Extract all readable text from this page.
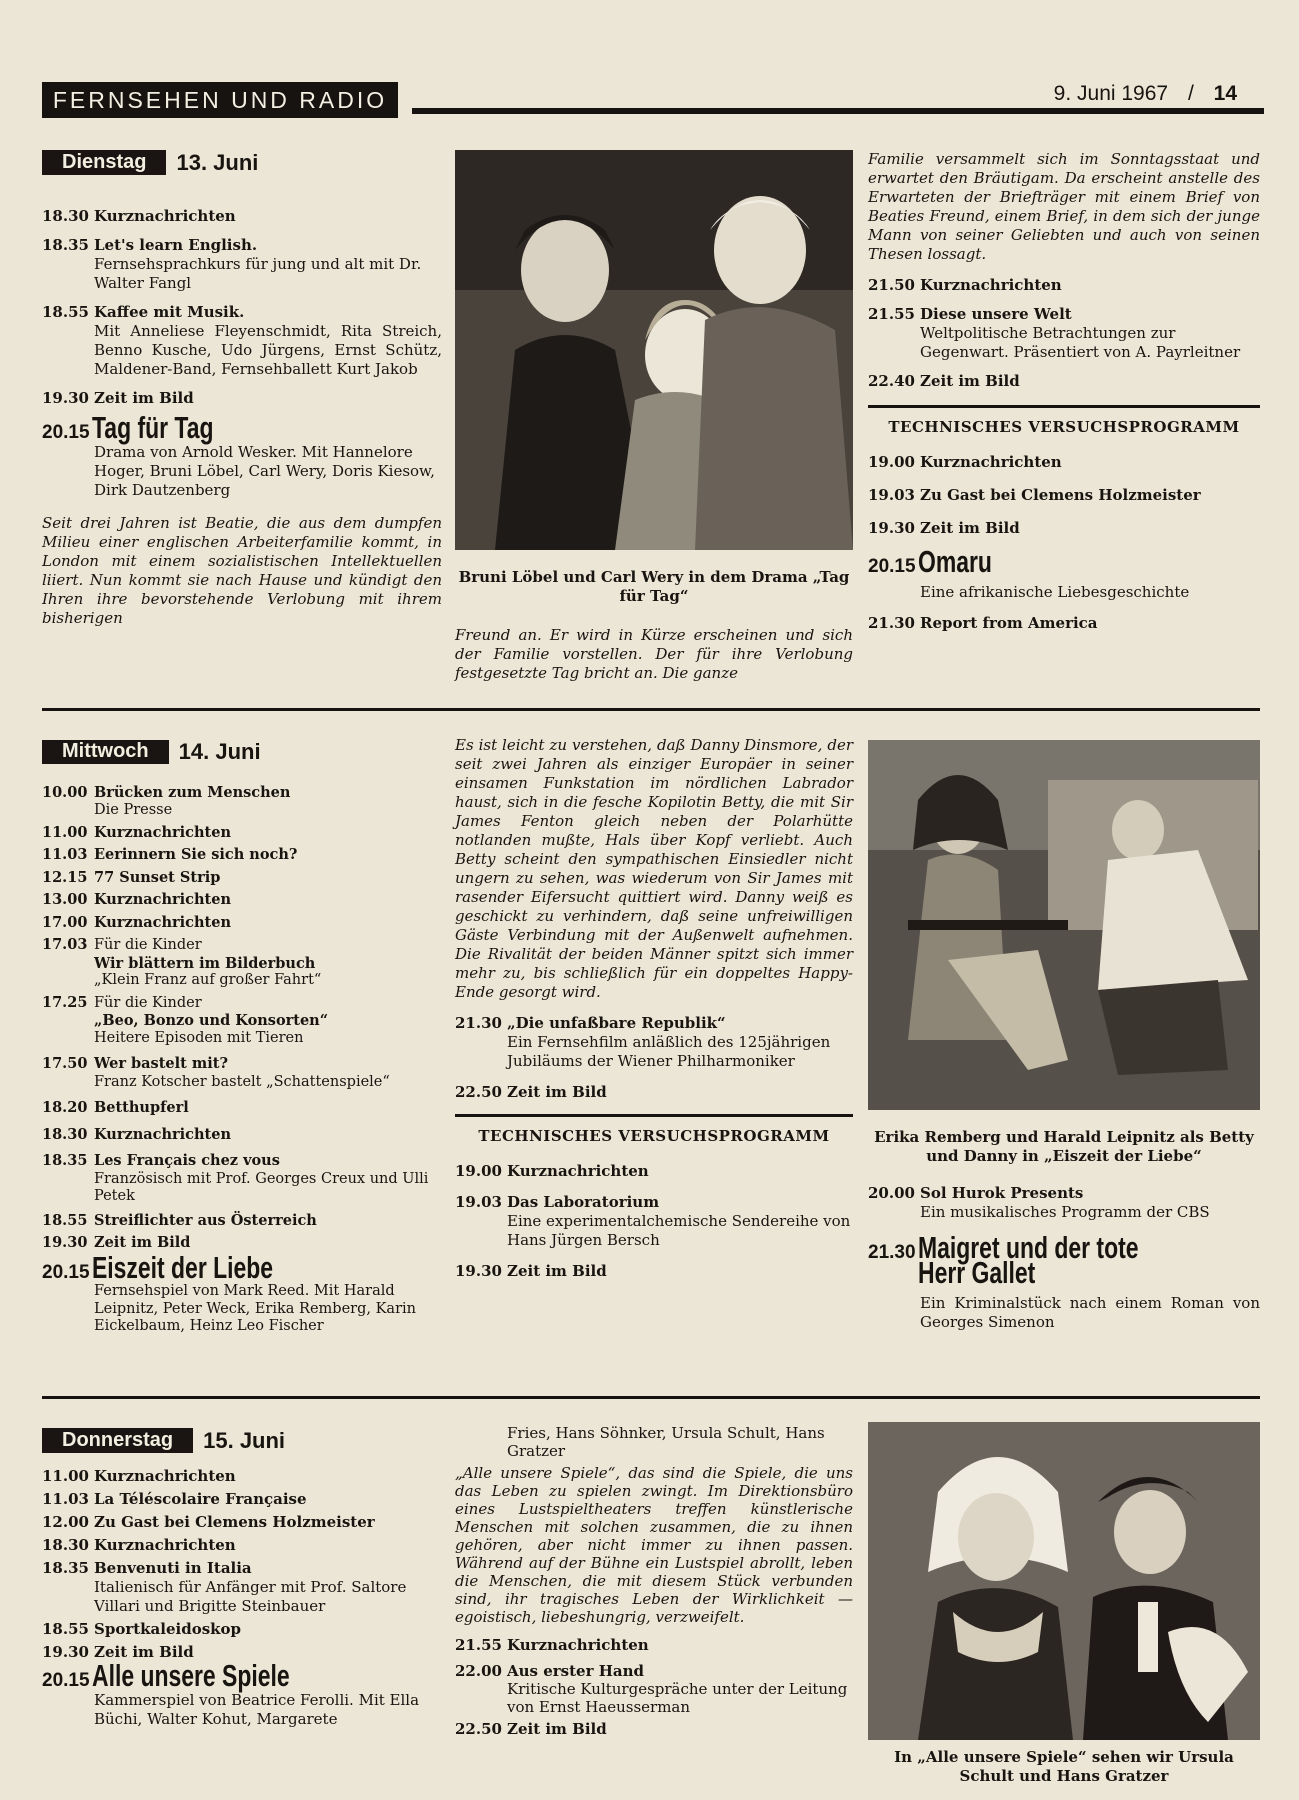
FERNSEHEN UND RADIO	9. Juni 1967 / 14
Dienstag	13. Juni
18.30 Kurznachrichten
18.35 Let's learn English.
Fernsehsprachkurs für jung und alt mit Dr. Walter Fangl
18.55 Kaffee mit Musik.
Mit Anneliese Fleyenschmidt, Rita Streich, Benno Kusche, Udo Jürgens, Ernst Schütz, Maldener-Band, Fernsehballett Kurt Jakob
19.30 Zeit im Bild
20.15Tag für Tag
Drama von Arnold Wesker. Mit Hannelore Hoger, Bruni Löbel, Carl Wery, Doris Kiesow, Dirk Dautzenberg
Seit drei Jahren ist Beatie, die aus dem dumpfen Milieu einer englischen Arbeiterfamilie kommt, in London mit einem sozialistischen Intellektuellen liiert. Nun kommt sie nach Hause und kündigt den Ihren ihre bevorstehende Verlobung mit ihrem bisherigen
Bruni Löbel und Carl Wery in dem Drama „Tag für Tag“
Freund an. Er wird in Kürze erscheinen und sich der Familie vorstellen. Der für ihre Verlobung festgesetzte Tag bricht an. Die ganze
Familie versammelt sich im Sonntagsstaat und erwartet den Bräutigam. Da erscheint anstelle des Erwarteten der Briefträger mit einem Brief von Beaties Freund, einem Brief, in dem sich der junge Mann von seiner Geliebten und auch von seinen Thesen lossagt.
21.50 Kurznachrichten
21.55 Diese unsere Welt
Weltpolitische Betrachtungen zur Gegenwart. Präsentiert von A. Payrleitner
22.40 Zeit im Bild
TECHNISCHES VERSUCHSPROGRAMM
19.00 Kurznachrichten
19.03 Zu Gast bei Clemens Holzmeister
19.30 Zeit im Bild
20.15Omaru
Eine afrikanische Liebesgeschichte
21.30 Report from America
Mittwoch	14. Juni
10.00 Brücken zum Menschen
Die Presse
11.00 Kurznachrichten
11.03 Eerinnern Sie sich noch?
12.15 77 Sunset Strip
13.00 Kurznachrichten
17.00 Kurznachrichten
17.03 Für die Kinder
Wir blättern im Bilderbuch
„Klein Franz auf großer Fahrt“
17.25 Für die Kinder
„Beo, Bonzo und Konsorten“
Heitere Episoden mit Tieren
17.50 Wer bastelt mit?
Franz Kotscher bastelt „Schattenspiele“
18.20 Betthupferl
18.30 Kurznachrichten
18.35 Les Français chez vous
Französisch mit Prof. Georges Creux und Ulli Petek
18.55 Streiflichter aus Österreich
19.30 Zeit im Bild
20.15Eiszeit der Liebe
Fernsehspiel von Mark Reed. Mit Harald Leipnitz, Peter Weck, Erika Remberg, Karin Eickelbaum, Heinz Leo Fischer
Es ist leicht zu verstehen, daß Danny Dinsmore, der seit zwei Jahren als einziger Europäer in seiner einsamen Funkstation im nördlichen Labrador haust, sich in die fesche Kopilotin Betty, die mit Sir James Fenton gleich neben der Polarhütte notlanden mußte, Hals über Kopf verliebt. Auch Betty scheint den sympathischen Einsiedler nicht ungern zu sehen, was wiederum von Sir James mit rasender Eifersucht quittiert wird. Danny weiß es geschickt zu verhindern, daß seine unfreiwilligen Gäste Verbindung mit der Außenwelt aufnehmen. Die Rivalität der beiden Männer spitzt sich immer mehr zu, bis schließlich für ein doppeltes Happy-Ende gesorgt wird.
21.30 „Die unfaßbare Republik“
Ein Fernsehfilm anläßlich des 125jährigen Jubiläums der Wiener Philharmoniker
22.50 Zeit im Bild
TECHNISCHES VERSUCHSPROGRAMM
19.00 Kurznachrichten
19.03 Das Laboratorium
Eine experimentalchemische Sendereihe von Hans Jürgen Bersch
19.30 Zeit im Bild
Erika Remberg und Harald Leipnitz als Betty und Danny in „Eiszeit der Liebe“
20.00 Sol Hurok Presents
Ein musikalisches Programm der CBS
21.30Maigret und der tote
Herr Gallet
Ein Kriminalstück nach einem Roman von Georges Simenon
Donnerstag	15. Juni
11.00 Kurznachrichten
11.03 La Téléscolaire Française
12.00 Zu Gast bei Clemens Holzmeister
18.30 Kurznachrichten
18.35 Benvenuti in Italia
Italienisch für Anfänger mit Prof. Saltore Villari und Brigitte Steinbauer
18.55 Sportkaleidoskop
19.30 Zeit im Bild
20.15Alle unsere Spiele
Kammerspiel von Beatrice Ferolli. Mit Ella Büchi, Walter Kohut, Margarete
Fries, Hans Söhnker, Ursula Schult, Hans Gratzer
„Alle unsere Spiele“, das sind die Spiele, die uns das Leben zu spielen zwingt. Im Direktionsbüro eines Lustspieltheaters treffen künstlerische Menschen mit solchen zusammen, die zu ihnen gehören, aber nicht immer zu ihnen passen. Während auf der Bühne ein Lustspiel abrollt, leben die Menschen, die mit diesem Stück verbunden sind, ihr tragisches Leben der Wirklichkeit — egoistisch, liebeshungrig, verzweifelt.
21.55 Kurznachrichten
22.00 Aus erster Hand
Kritische Kulturgespräche unter der Leitung von Ernst Haeusserman
22.50 Zeit im Bild
In „Alle unsere Spiele“ sehen wir Ursula Schult und Hans Gratzer
